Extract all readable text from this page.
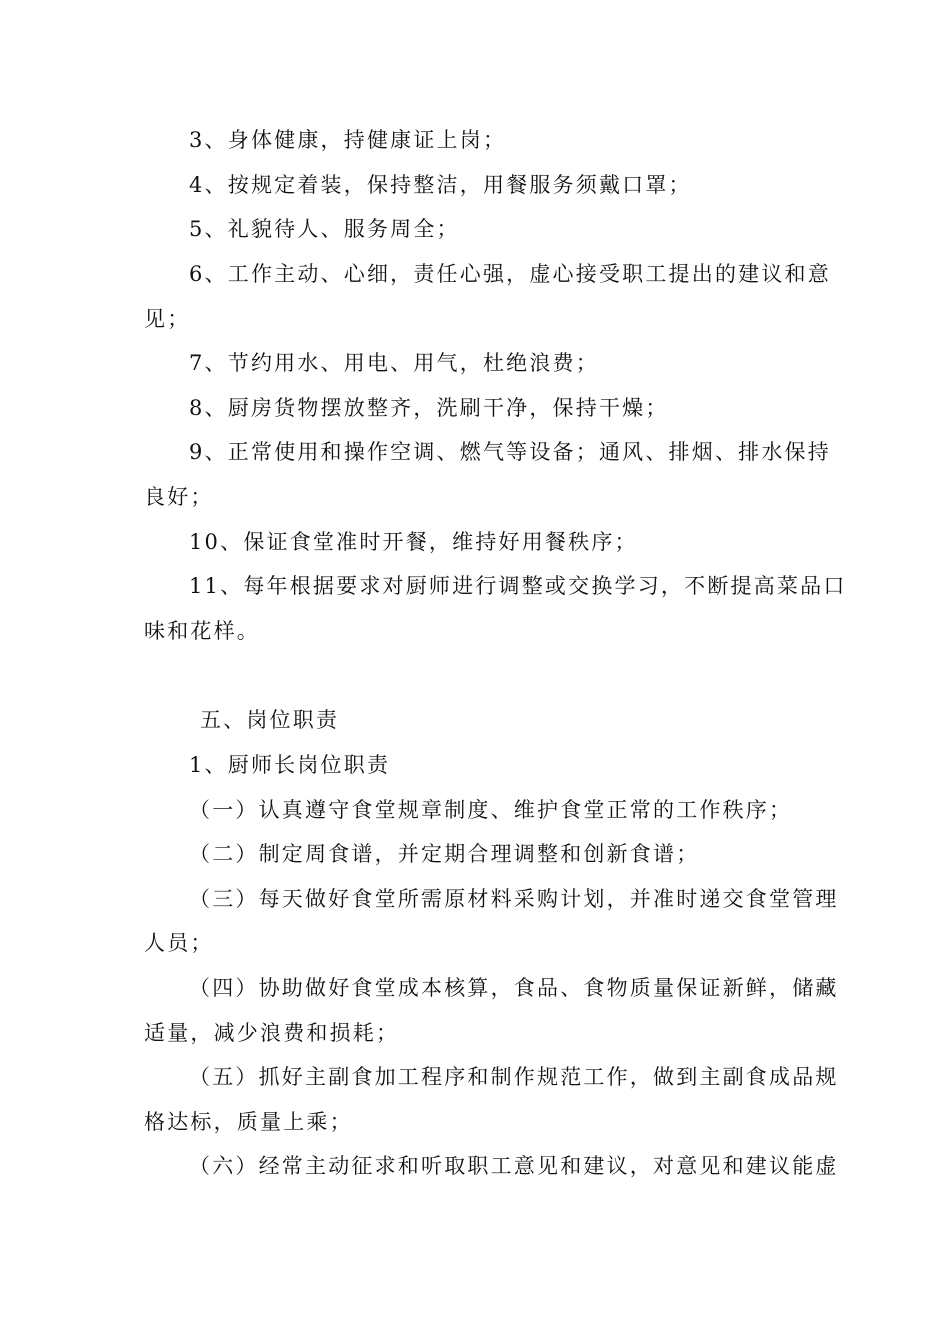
3、身体健康，持健康证上岗；
4、按规定着装，保持整洁，用餐服务须戴口罩；
5、礼貌待人、服务周全；
6、工作主动、心细，责任心强，虚心接受职工提出的建议和意
见；
7、节约用水、用电、用气，杜绝浪费；
8、厨房货物摆放整齐，洗刷干净，保持干燥；
9、正常使用和操作空调、燃气等设备；通风、排烟、排水保持
良好；
10、保证食堂准时开餐，维持好用餐秩序；
11、每年根据要求对厨师进行调整或交换学习，不断提高菜品口
味和花样。
五、岗位职责
1、厨师长岗位职责
（一）认真遵守食堂规章制度、维护食堂正常的工作秩序；
（二）制定周食谱，并定期合理调整和创新食谱；
（三）每天做好食堂所需原材料采购计划，并准时递交食堂管理
人员；
（四）协助做好食堂成本核算，食品、食物质量保证新鲜，储藏
适量，减少浪费和损耗；
（五）抓好主副食加工程序和制作规范工作，做到主副食成品规
格达标，质量上乘；
（六）经常主动征求和听取职工意见和建议，对意见和建议能虚
